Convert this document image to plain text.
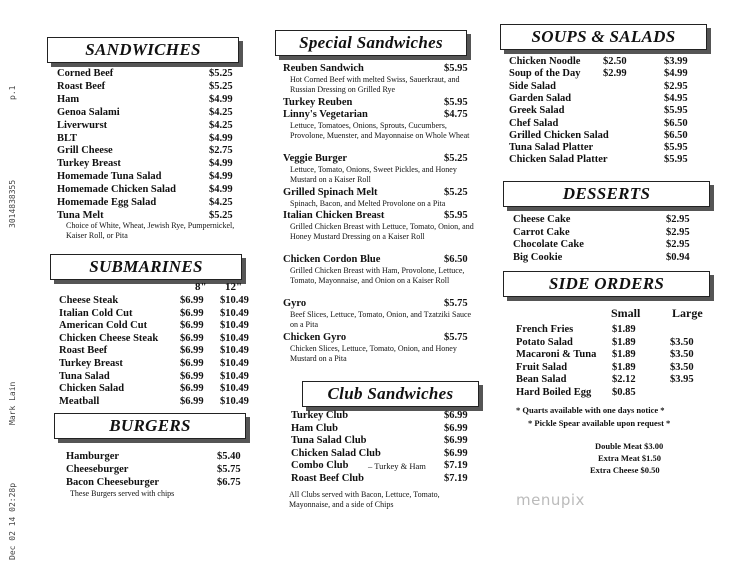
p.1
3014838355
Mark Lain
Dec 02 14 02:28p
SANDWICHES
Choice of White, Wheat, Jewish Rye, Pumpernickel, Kaiser Roll, or Pita
SUBMARINES
8" 12"
BURGERS
These Burgers served with chips
Special Sandwiches
Club Sandwiches
All Clubs served with Bacon, Lettuce, Tomato, Mayonnaise, and a side of Chips
SOUPS & SALADS
DESSERTS
SIDE ORDERS
Small	Large
* Quarts available with one days notice *
* Pickle Spear available upon request *
Double Meat $3.00
Extra Meat $1.50
Extra Cheese $0.50
menupix
Corned Beef	$5.25
Roast Beef	$5.25
Ham	$4.99
Genoa Salami	$4.25
Liverwurst	$4.25
BLT	$4.99
Grill Cheese	$2.75
Turkey Breast	$4.99
Homemade Tuna Salad	$4.99
Homemade Chicken Salad	$4.99
Homemade Egg Salad	$4.25
Tuna Melt	$5.25
Cheese Steak	$6.99 $10.49
Italian Cold Cut	$6.99 $10.49
American Cold Cut	$6.99 $10.49
Chicken Cheese Steak $6.99 $10.49
Roast Beef	$6.99 $10.49
Turkey Breast	$6.99 $10.49
Tuna Salad	$6.99 $10.49
Chicken Salad	$6.99 $10.49
Meatball	$6.99 $10.49
Hamburger	$5.40
Cheeseburger	$5.75
Bacon Cheeseburger	$6.75
Reuben Sandwich	$5.95
Hot Corned Beef with melted Swiss, Sauerkraut, and Russian Dressing on Grilled Rye
Turkey Reuben	$5.95
Linny's Vegetarian	$4.75
Lettuce, Tomatoes, Onions, Sprouts, Cucumbers, Provolone, Muenster, and Mayonnaise on Whole Wheat
Veggie Burger	$5.25
Lettuce, Tomato, Onions, Sweet Pickles, and Honey Mustard on a Kaiser Roll
Grilled Spinach Melt	$5.25
Spinach, Bacon, and Melted Provolone on a Pita
Italian Chicken Breast	$5.95
Grilled Chicken Breast with Lettuce, Tomato, Onion, and Honey Mustard Dressing on a Kaiser Roll
Chicken Cordon Blue	$6.50
Grilled Chicken Breast with Ham, Provolone, Lettuce, Tomato, Mayonnaise, and Onion on a Kaiser Roll
Gyro	$5.75
Beef Slices, Lettuce, Tomato, Onion, and Tzatziki Sauce on a Pita
Chicken Gyro	$5.75
Chicken Slices, Lettuce, Tomato, Onion, and Honey Mustard on a Pita
Turkey Club	$6.99
Ham Club	$6.99
Tuna Salad Club	$6.99
Chicken Salad Club	$6.99
Combo Club – Turkey & Ham $7.19
Roast Beef Club	$7.19
Chicken Noodle $2.50	$3.99
Soup of the Day $2.99	$4.99
Side Salad	$2.95
Garden Salad	$4.95
Greek Salad	$5.95
Chef Salad	$6.50
Grilled Chicken Salad	$6.50
Tuna Salad Platter	$5.95
Chicken Salad Platter	$5.95
Cheese Cake	$2.95
Carrot Cake	$2.95
Chocolate Cake	$2.95
Big Cookie	$0.94
French Fries	$1.89
Potato Salad	$1.89	$3.50
Macaroni & Tuna $1.89	$3.50
Fruit Salad	$1.89	$3.50
Bean Salad	$2.12	$3.95
Hard Boiled Egg $0.85
